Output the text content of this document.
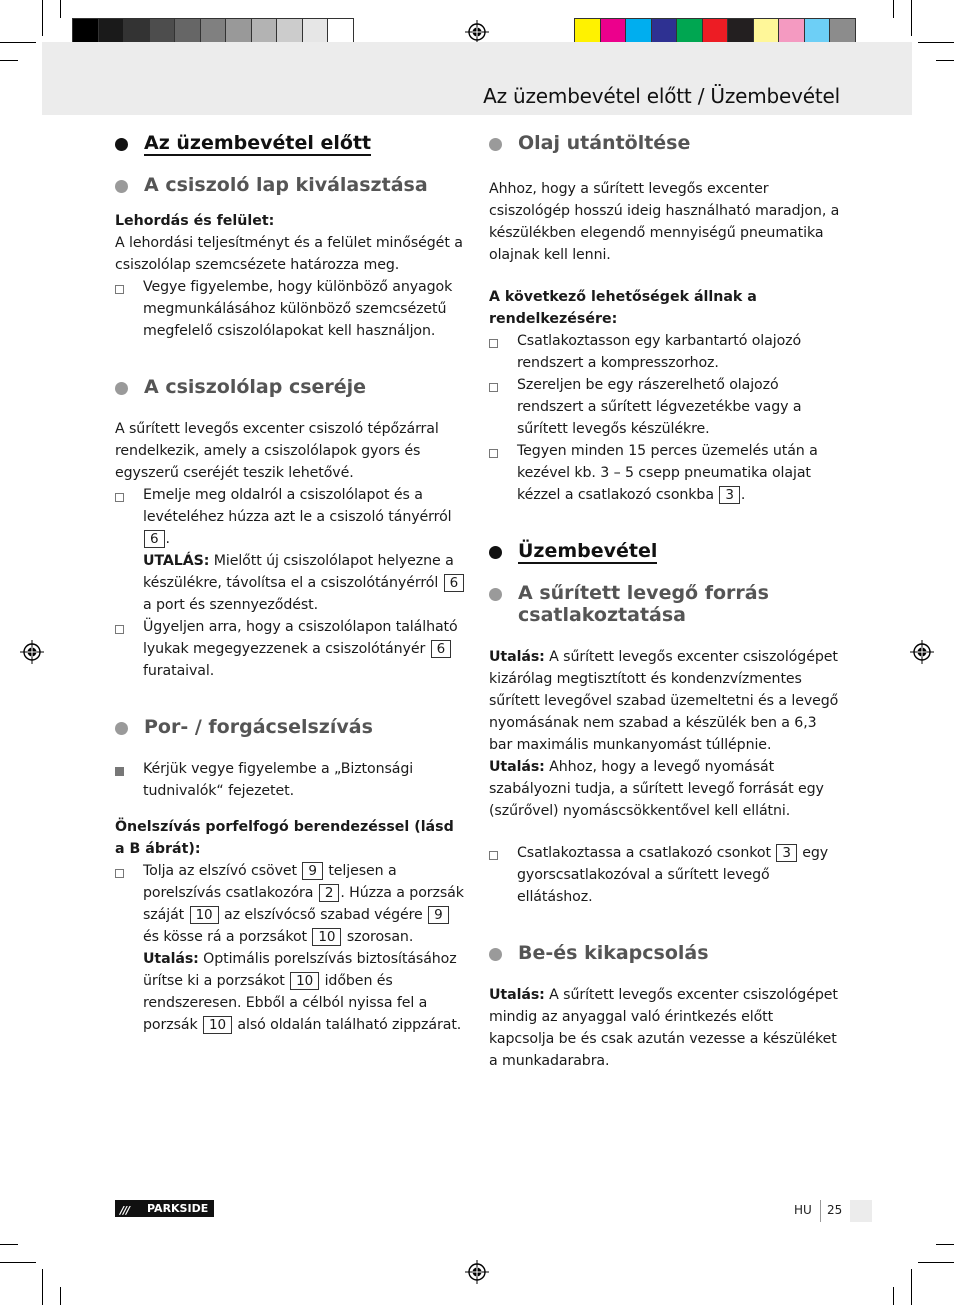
Az üzembevétel előtt / Üzembevétel
Az üzembevétel előtt
A csiszoló lap kiválasztása
Lehordás és felület:
A lehordási teljesítményt és a felület minőségét a csiszolólap szemcsézete határozza meg.
Vegye figyelembe, hogy különböző anyagok megmunkálásához különböző szemcsézetű megfelelő csiszolólapokat kell használjon.
A csiszolólap cseréje
A sűrített levegős excenter csiszoló tépőzárral rendelkezik, amely a csiszolólapok gyors és egyszerű cseréjét teszik lehetővé.
Emelje meg oldalról a csiszolólapot és a levételéhez húzza azt le a csiszoló tányérról 6 .
UTALÁS: Mielőtt új csiszolólapot helyezne a készülékre, távolítsa el a csiszolótányérról 6 a port és szennyeződést.
Ügyeljen arra, hogy a csiszolólapon található lyukak megegyezzenek a csiszolótányér 6 furataival.
Por- / forgácselszívás
Kérjük vegye figyelembe a „Biztonsági tudnivalók“ fejezetet.
Önelszívás porfelfogó berendezéssel (lásd a B ábrát):
Tolja az elszívó csövet 9 teljesen a porelszívás csatlakozóra 2 . Húzza a porzsák száját 10 az elszívócső szabad végére 9 és kösse rá a porzsákot 10 szorosan.
Utalás: Optimális porelszívás biztosításához ürítse ki a porzsákot 10 időben és rendszeresen. Ebből a célból nyissa fel a porzsák 10 alsó oldalán található zippzárat.
Olaj utántöltése
Ahhoz, hogy a sűrített levegős excenter csiszológép hosszú ideig használható maradjon, a készülékben elegendő mennyiségű pneumatika olajnak kell lenni.
A következő lehetőségek állnak a rendelkezésére:
Csatlakoztasson egy karbantartó olajozó rendszert a kompresszorhoz.
Szereljen be egy rászerelhető olajozó rendszert a sűrített légvezetékbe vagy a sűrített levegős készülékre.
Tegyen minden 15 perces üzemelés után a kezével kb. 3 – 5 csepp pneumatika olajat kézzel a csatlakozó csonkba 3 .
Üzembevétel
A sűrített levegő forrás csatlakoztatása
Utalás: A sűrített levegős excenter csiszológépet kizárólag megtisztított és kondenzvízmentes sűrített levegővel szabad üzemeltetni és a levegő nyomásának nem szabad a készülék ben a 6,3 bar maximális munkanyomást túllépnie.
Utalás: Ahhoz, hogy a levegő nyomását szabályozni tudja, a sűrített levegő forrását egy (szűrővel) nyomáscsökkentővel kell ellátni.
Csatlakoztassa a csatlakozó csonkot 3 egy gyorscsatlakozóval a sűrített levegő ellátáshoz.
Be-és kikapcsolás
Utalás: A sűrített levegős excenter csiszológépet mindig az anyaggal való érintkezés előtt kapcsolja be és csak azután vezesse a készüléket a munkadarabra.
/// PARKSIDE	HU 25
